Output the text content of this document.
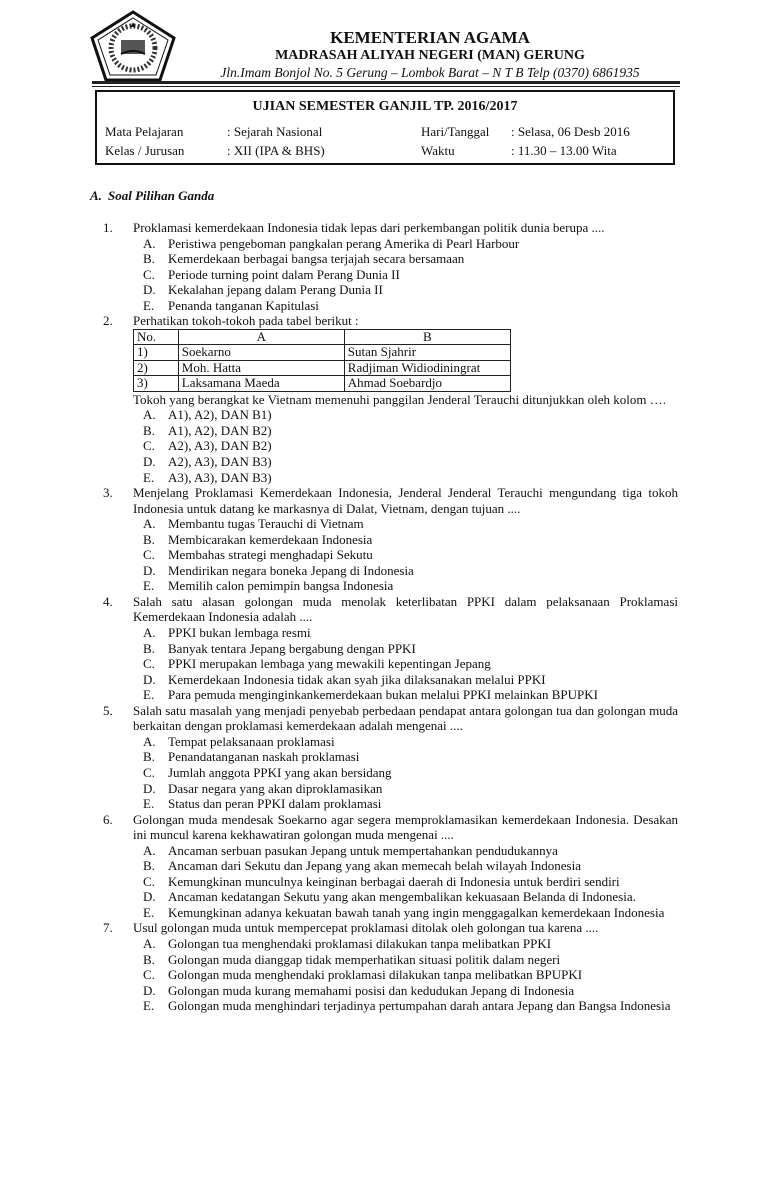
KEMENTERIAN AGAMA
MADRASAH ALIYAH NEGERI (MAN) GERUNG
Jln.Imam Bonjol No. 5 Gerung – Lombok Barat – N T B Telp (0370) 6861935
UJIAN SEMESTER GANJIL TP. 2016/2017
Mata Pelajaran	: Sejarah Nasional
Kelas / Jurusan	: XII (IPA & BHS)
Hari/Tanggal : Selasa, 06 Desb 2016
Waktu	: 11.30 – 13.00 Wita
A. Soal Pilihan Ganda
1.	Proklamasi kemerdekaan Indonesia tidak lepas dari perkembangan politik dunia berupa ....
A. Peristiwa pengeboman pangkalan perang Amerika di Pearl Harbour
B.	Kemerdekaan berbagai bangsa terjajah secara bersamaan
C.	Periode turning point dalam Perang Dunia II
D. Kekalahan jepang dalam Perang Dunia II
E.	Penanda tanganan Kapitulasi
2.	Perhatikan tokoh-tokoh pada tabel berikut :
No.	A	B
1)	Soekarno	Sutan Sjahrir
2)	Moh. Hatta	Radjiman Widiodiningrat
3)	Laksamana Maeda	Ahmad Soebardjo
Tokoh yang berangkat ke Vietnam memenuhi panggilan Jenderal Terauchi ditunjukkan oleh kolom ….
A. A1), A2), DAN B1)
B.	A1), A2), DAN B2)
C.	A2), A3), DAN B2)
D. A2), A3), DAN B3)
E.	A3), A3), DAN B3)
3.	Menjelang Proklamasi Kemerdekaan Indonesia, Jenderal Jenderal Terauchi mengundang tiga tokoh Indonesia untuk datang ke markasnya di Dalat, Vietnam, dengan tujuan ....
A. Membantu tugas Terauchi di Vietnam
B.	Membicarakan kemerdekaan Indonesia
C.	Membahas strategi menghadapi Sekutu
D. Mendirikan negara boneka Jepang di Indonesia
E.	Memilih calon pemimpin bangsa Indonesia
4.	Salah satu alasan golongan muda menolak keterlibatan PPKI dalam pelaksanaan Proklamasi Kemerdekaan Indonesia adalah ....
A. PPKI bukan lembaga resmi
B.	Banyak tentara Jepang bergabung dengan PPKI
C.	PPKI merupakan lembaga yang mewakili kepentingan Jepang
D. Kemerdekaan Indonesia tidak akan syah jika dilaksanakan melalui PPKI
E.	Para pemuda menginginkankemerdekaan bukan melalui PPKI melainkan BPUPKI
5.	Salah satu masalah yang menjadi penyebab perbedaan pendapat antara golongan tua dan golongan muda berkaitan dengan proklamasi kemerdekaan adalah mengenai ....
A. Tempat pelaksanaan proklamasi
B.	Penandatanganan naskah proklamasi
C.	Jumlah anggota PPKI yang akan bersidang
D. Dasar negara yang akan diproklamasikan
E.	Status dan peran PPKI dalam proklamasi
6.	Golongan muda mendesak Soekarno agar segera memproklamasikan kemerdekaan Indonesia. Desakan ini muncul karena kekhawatiran golongan muda mengenai ....
A. Ancaman serbuan pasukan Jepang untuk mempertahankan pendudukannya
B.	Ancaman dari Sekutu dan Jepang yang akan memecah belah wilayah Indonesia
C.	Kemungkinan munculnya keinginan berbagai daerah di Indonesia untuk berdiri sendiri
D. Ancaman kedatangan Sekutu yang akan mengembalikan kekuasaan Belanda di Indonesia.
E.	Kemungkinan adanya kekuatan bawah tanah yang ingin menggagalkan kemerdekaan Indonesia
7.	Usul golongan muda untuk mempercepat proklamasi ditolak oleh golongan tua karena ....
A. Golongan tua menghendaki proklamasi dilakukan tanpa melibatkan PPKI
B.	Golongan muda dianggap tidak memperhatikan situasi politik dalam negeri
C.	Golongan muda menghendaki proklamasi dilakukan tanpa melibatkan BPUPKI
D. Golongan muda kurang memahami posisi dan kedudukan Jepang di Indonesia
E.	Golongan muda menghindari terjadinya pertumpahan darah antara Jepang dan Bangsa Indonesia
